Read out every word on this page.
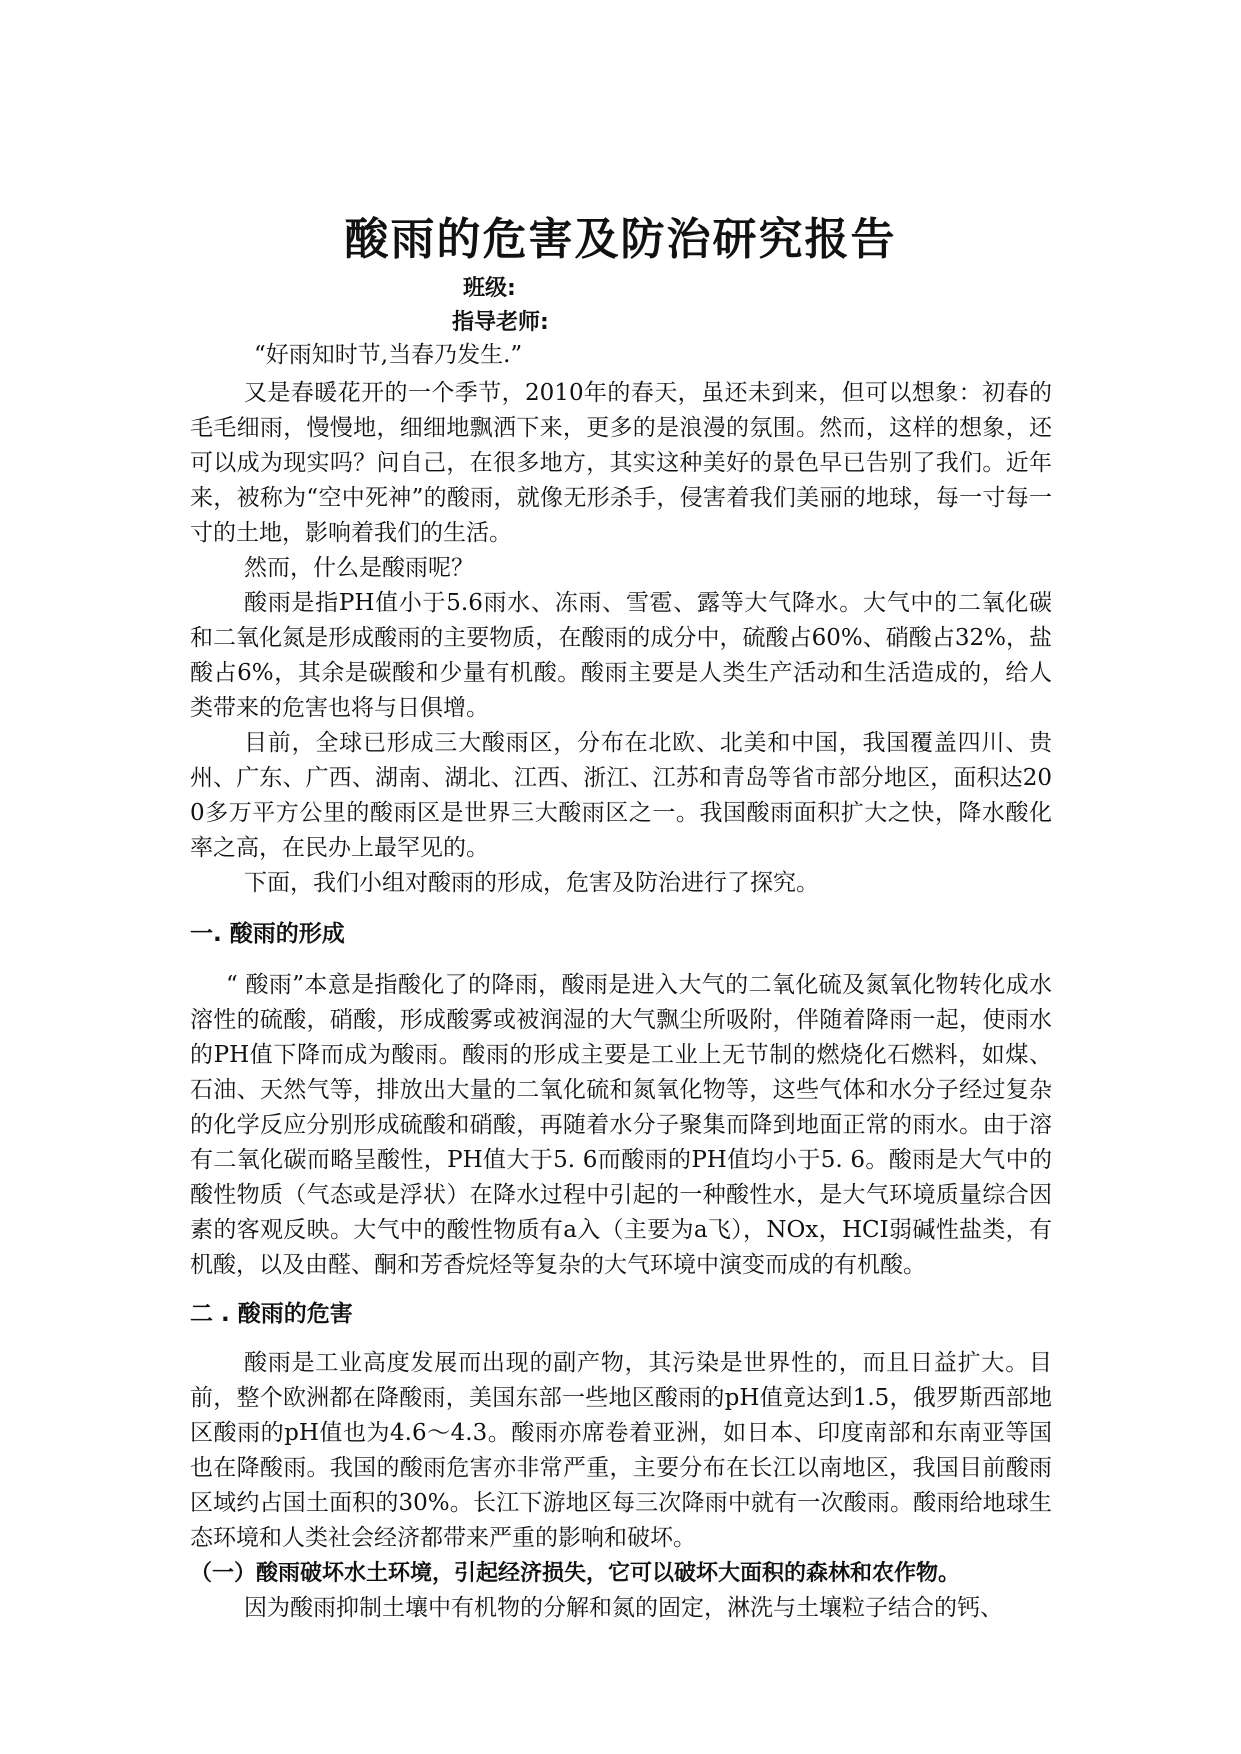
酸雨的危害及防治研究报告
班级:
指导老师:

“好雨知时节,当春乃发生.”

又是春暖花开的一个季节，2010年的春天，虽还未到来，但可以想象：初春的毛毛细雨，慢慢地，细细地飘洒下来，更多的是浪漫的氛围。然而，这样的想象，还可以成为现实吗？问自己，在很多地方，其实这种美好的景色早已告别了我们。近年来，被称为“空中死神”的酸雨，就像无形杀手，侵害着我们美丽的地球，每一寸每一寸的土地，影响着我们的生活。

然而，什么是酸雨呢？

酸雨是指PH值小于5.6雨水、冻雨、雪雹、露等大气降水。大气中的二氧化碳和二氧化氮是形成酸雨的主要物质，在酸雨的成分中，硫酸占60%、硝酸占32%，盐酸占6%，其余是碳酸和少量有机酸。酸雨主要是人类生产活动和生活造成的，给人类带来的危害也将与日俱增。

目前，全球已形成三大酸雨区，分布在北欧、北美和中国，我国覆盖四川、贵州、广东、广西、湖南、湖北、江西、浙江、江苏和青岛等省市部分地区，面积达200多万平方公里的酸雨区是世界三大酸雨区之一。我国酸雨面积扩大之快，降水酸化率之高，在民办上最罕见的。

下面，我们小组对酸雨的形成，危害及防治进行了探究。

一. 酸雨的形成

“ 酸雨”本意是指酸化了的降雨，酸雨是进入大气的二氧化硫及氮氧化物转化成水溶性的硫酸，硝酸，形成酸雾或被润湿的大气飘尘所吸附，伴随着降雨一起，使雨水的PH值下降而成为酸雨。酸雨的形成主要是工业上无节制的燃烧化石燃料，如煤、石油、天然气等，排放出大量的二氧化硫和氮氧化物等，这些气体和水分子经过复杂的化学反应分别形成硫酸和硝酸，再随着水分子聚集而降到地面正常的雨水。由于溶有二氧化碳而略呈酸性，PH值大于5. 6而酸雨的PH值均小于5. 6。酸雨是大气中的酸性物质（气态或是浮状）在降水过程中引起的一种酸性水，是大气环境质量综合因素的客观反映。大气中的酸性物质有a入（主要为a飞），NOx，HCI弱碱性盐类，有机酸，以及由醛、酮和芳香烷烃等复杂的大气环境中演变而成的有机酸。

二 . 酸雨的危害

酸雨是工业高度发展而出现的副产物，其污染是世界性的，而且日益扩大。目前，整个欧洲都在降酸雨，美国东部一些地区酸雨的pH值竟达到1.5，俄罗斯西部地区酸雨的pH值也为4.6～4.3。酸雨亦席卷着亚洲，如日本、印度南部和东南亚等国也在降酸雨。我国的酸雨危害亦非常严重，主要分布在长江以南地区，我国目前酸雨区域约占国土面积的30%。长江下游地区每三次降雨中就有一次酸雨。酸雨给地球生态环境和人类社会经济都带来严重的影响和破坏。

（一）酸雨破坏水土环境，引起经济损失，它可以破坏大面积的森林和农作物。

因为酸雨抑制土壤中有机物的分解和氮的固定，淋洗与土壤粒子结合的钙、
